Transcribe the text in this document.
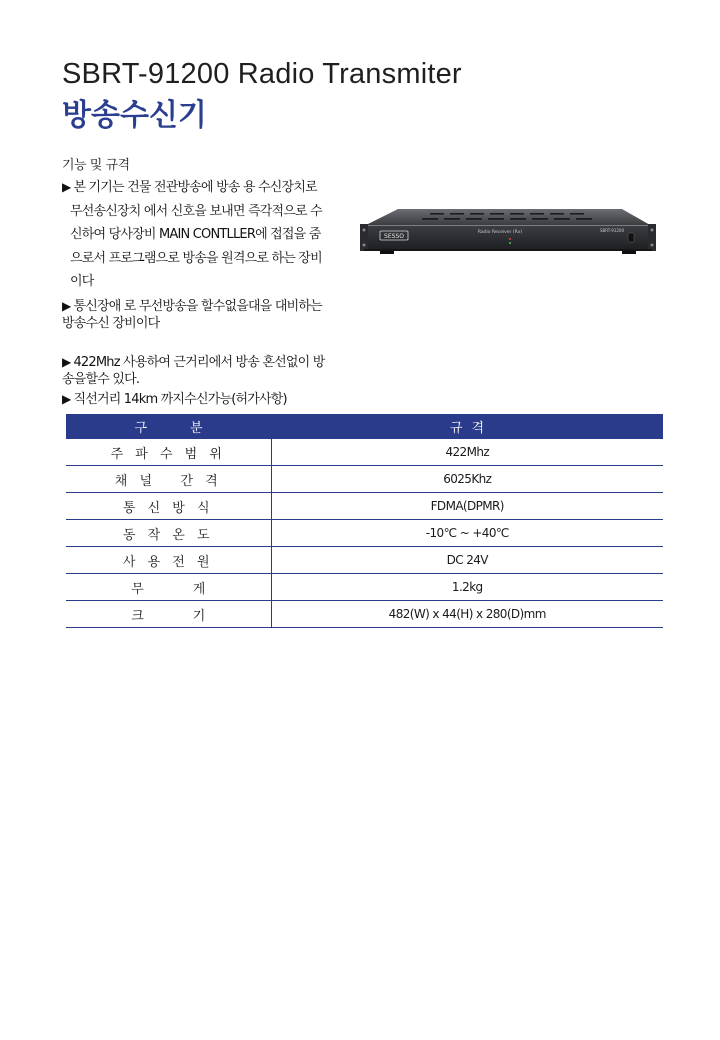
SBRT-91200 Radio Transmiter
방송수신기
기능 및 규격
▶ 본 기기는 건물 전관방송에 방송 용 수신장치로
무선송신장치 에서 신호을 보내면 즉각적으로 수
신하여 당사장비 MAIN CONTLLER에 접접을 줌
으로서 프로그램으로 방송을 원격으로 하는 장비
이다
▶ 통신장애 로 무선방송을 할수없을대을 대비하는
방송수신 장비이다
▶ 422Mhz 사용하여 근거리에서 방송 혼선없이 방
송을할수 있다.
▶ 직선거리 14km 까지수신가능(허가사항)
SESSO
Radio Receiver (Rx)	SBRT-91200
구 분	규 격

주 파 수 범 위	422Mhz
채 널   간 격	6025Khz
통 신 방 식	FDMA(DPMR)
동 작 온 도	-10℃ ~ +40℃
사 용 전 원	DC 24V

무 게	1.2kg

크 기	482(W) x 44(H) x 280(D)mm
